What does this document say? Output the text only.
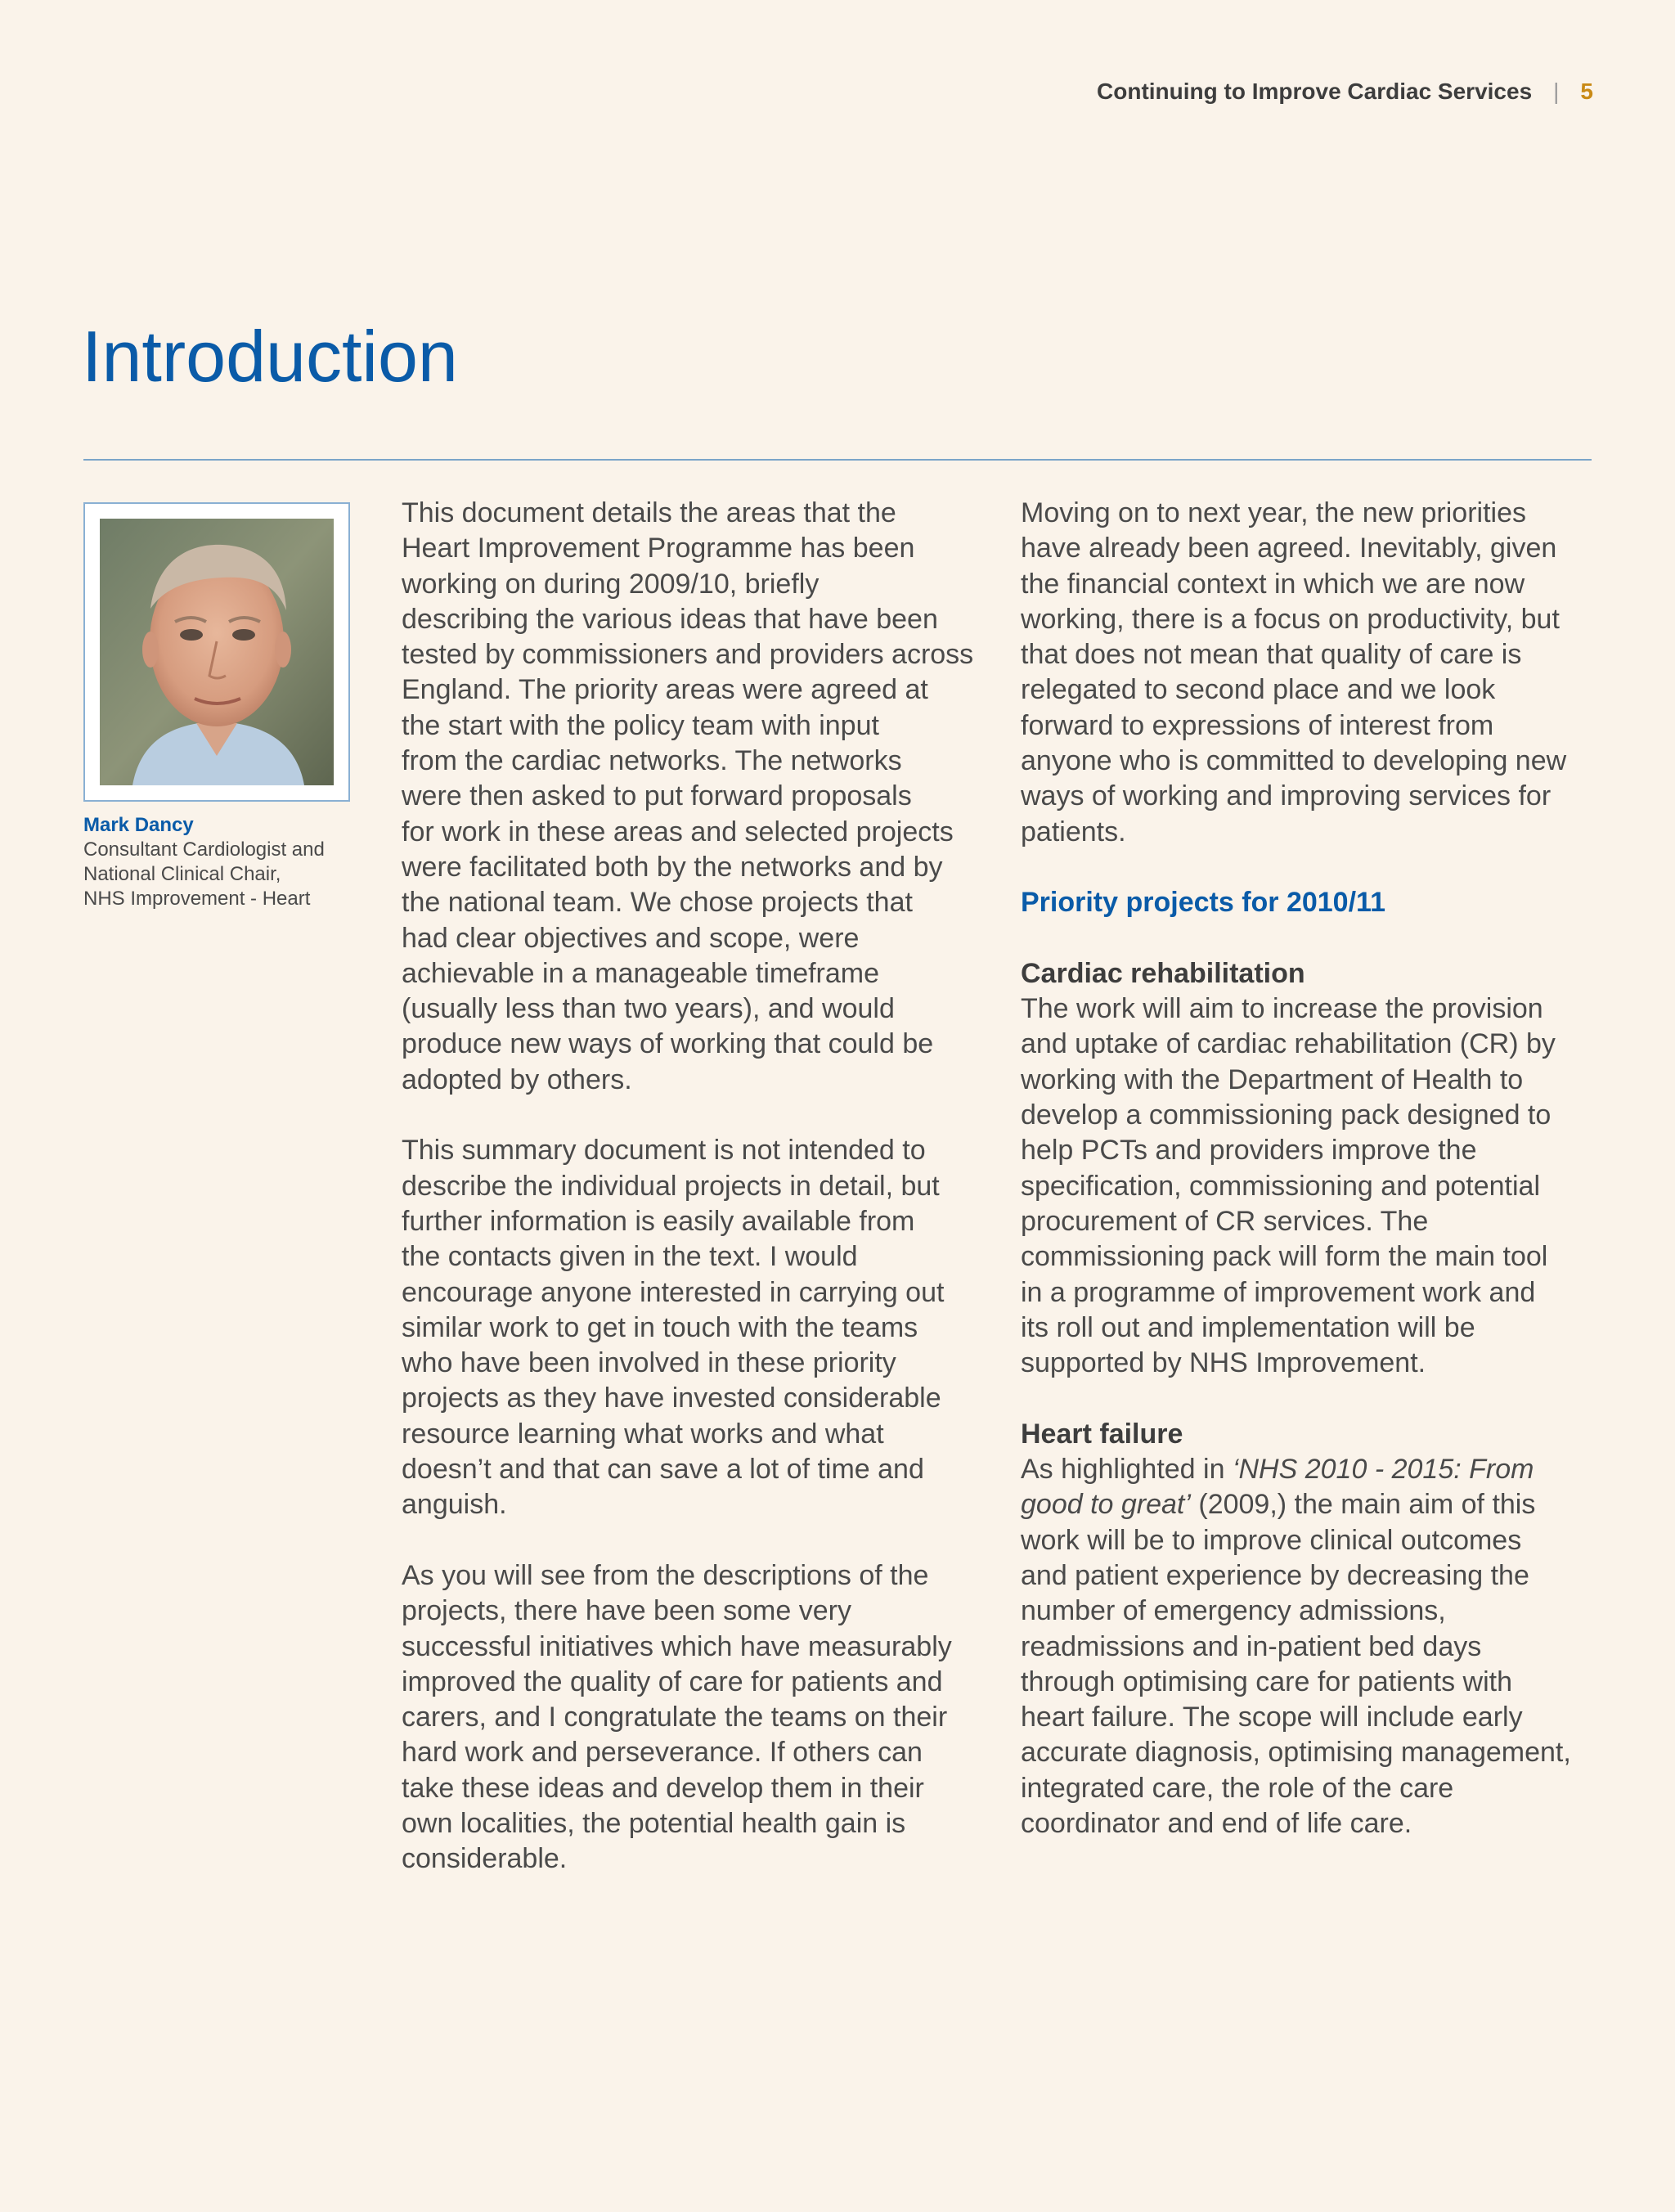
Continuing to Improve Cardiac Services | 5
Introduction
Mark Dancy
Consultant Cardiologist and
National Clinical Chair,
NHS Improvement - Heart
This document details the areas that the
Heart Improvement Programme has been
working on during 2009/10, briefly
describing the various ideas that have been
tested by commissioners and providers across
England. The priority areas were agreed at
the start with the policy team with input
from the cardiac networks. The networks
were then asked to put forward proposals
for work in these areas and selected projects
were facilitated both by the networks and by
the national team. We chose projects that
had clear objectives and scope, were
achievable in a manageable timeframe
(usually less than two years), and would
produce new ways of working that could be
adopted by others.
This summary document is not intended to
describe the individual projects in detail, but
further information is easily available from
the contacts given in the text. I would
encourage anyone interested in carrying out
similar work to get in touch with the teams
who have been involved in these priority
projects as they have invested considerable
resource learning what works and what
doesn’t and that can save a lot of time and
anguish.
As you will see from the descriptions of the
projects, there have been some very
successful initiatives which have measurably
improved the quality of care for patients and
carers, and I congratulate the teams on their
hard work and perseverance. If others can
take these ideas and develop them in their
own localities, the potential health gain is
considerable.
Moving on to next year, the new priorities
have already been agreed. Inevitably, given
the financial context in which we are now
working, there is a focus on productivity, but
that does not mean that quality of care is
relegated to second place and we look
forward to expressions of interest from
anyone who is committed to developing new
ways of working and improving services for
patients.
Priority projects for 2010/11
Cardiac rehabilitation
The work will aim to increase the provision
and uptake of cardiac rehabilitation (CR) by
working with the Department of Health to
develop a commissioning pack designed to
help PCTs and providers improve the
specification, commissioning and potential
procurement of CR services. The
commissioning pack will form the main tool
in a programme of improvement work and
its roll out and implementation will be
supported by NHS Improvement.
Heart failure
As highlighted in ‘NHS 2010 - 2015: From
good to great’ (2009,) the main aim of this
work will be to improve clinical outcomes
and patient experience by decreasing the
number of emergency admissions,
readmissions and in-patient bed days
through optimising care for patients with
heart failure. The scope will include early
accurate diagnosis, optimising management,
integrated care, the role of the care
coordinator and end of life care.
